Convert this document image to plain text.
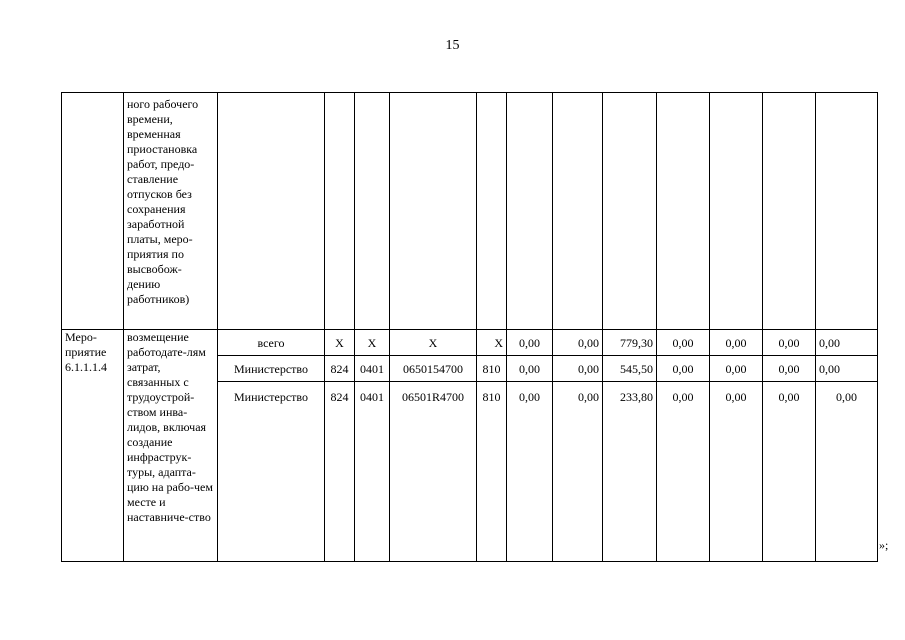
15
	ного рабочего времени, временная приостановка работ, предо-ставление отпусков без сохранения заработной платы, меро-приятия по высвобож-дению работников)												
Меро-приятие 6.1.1.1.4	возмещение работодате-лям затрат, связанных с трудоустрой-ством инва-лидов, включая создание инфраструк-туры, адапта-цию на рабо-чем месте и наставниче-ство	всего	Х	Х	Х	Х	0,00	0,00	779,30	0,00	0,00	0,00	0,00
		Министерство	824	0401	0650154700	810	0,00	0,00	545,50	0,00	0,00	0,00	0,00
		Министерство	824	0401	06501R4700	810	0,00	0,00	233,80	0,00	0,00	0,00	0,00
»;
